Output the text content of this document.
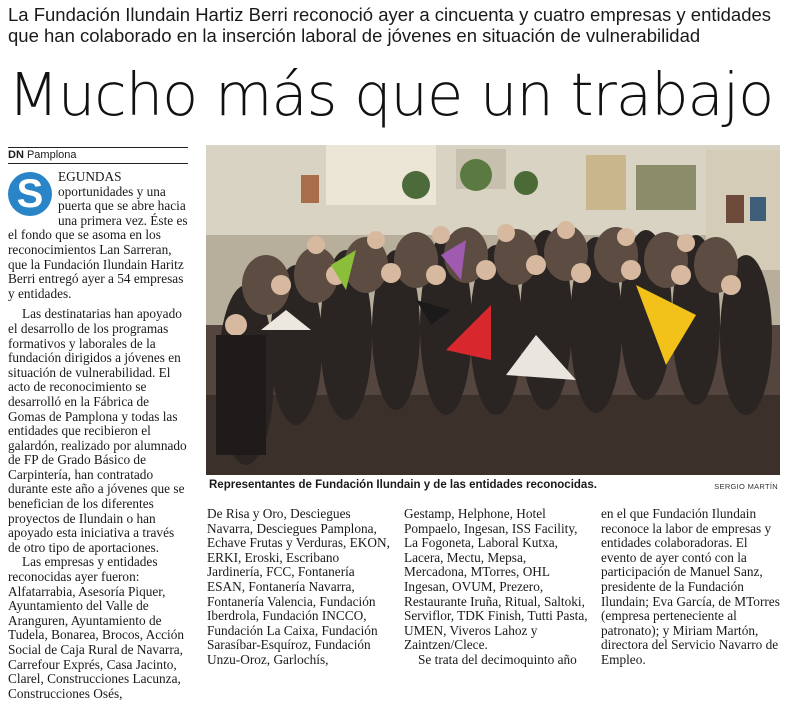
La Fundación Ilundain Hartiz Berri reconoció ayer a cincuenta y cuatro empresas y entidades que han colaborado en la inserción laboral de jóvenes en situación de vulnerabilidad
Mucho más que un trabajo
DN Pamplona

S	EGUNDAS oportunidades y una puerta que se abre hacia una primera vez. Éste es el fondo que se asoma en los reconocimientos Lan Sarreran, que la Fundación Ilundain Haritz Berri entregó ayer a 54 empresas y entidades.

Las destinatarias han apoyado el desarrollo de los programas formativos y laborales de la fundación dirigidos a jóvenes en situación de vulnerabilidad. El acto de reconocimiento se desarrolló en la Fábrica de Gomas de Pamplona y todas las entidades que recibieron el galardón, realizado por alumnado de FP de Grado Básico de Carpintería, han contratado durante este año a jóvenes que se benefician de los diferentes proyectos de Ilundain o han apoyado esta iniciativa a través de otro tipo de aportaciones.

Las empresas y entidades reconocidas ayer fueron: Alfatarrabia, Asesoría Piquer, Ayuntamiento del Valle de Aranguren, Ayuntamiento de Tudela, Bonarea, Brocos, Acción Social de Caja Rural de Navarra, Carrefour Exprés, Casa Jacinto, Clarel, Construcciones Lacunza, Construcciones Osés,

Representantes de Fundación Ilundain y de las entidades reconocidas.	SERGIO MARTÍN

De Risa y Oro, Desciegues Navarra, Desciegues Pamplona, Echave Frutas y Verduras, EKON, ERKI, Eroski, Escribano Jardinería, FCC, Fontanería ESAN, Fontanería Navarra, Fontanería Valencia, Fundación Iberdrola, Fundación INCCO, Fundación La Caixa, Fundación Sarasíbar-Esquíroz, Fundación Unzu-Oroz, Garlochís,

Gestamp, Helphone, Hotel Pompaelo, Ingesan, ISS Facility, La Fogoneta, Laboral Kutxa, Lacera, Mectu, Mepsa, Mercadona, MTorres, OHL Ingesan, OVUM, Prezero, Restaurante Iruña, Ritual, Saltoki, Serviflor, TDK Finish, Tutti Pasta, UMEN, Viveros Lahoz y Zaintzen/Clece.

Se trata del decimoquinto año

en el que Fundación Ilundain reconoce la labor de empresas y entidades colaboradoras. El evento de ayer contó con la participación de Manuel Sanz, presidente de la Fundación Ilundain; Eva García, de MTorres (empresa perteneciente al patronato); y Miriam Martón, directora del Servicio Navarro de Empleo.
